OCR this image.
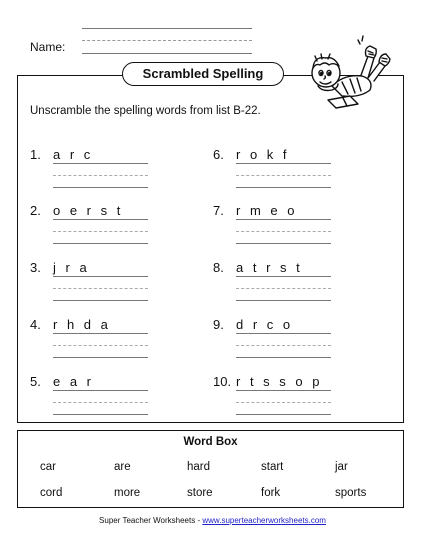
Name:
Scrambled Spelling
Unscramble the spelling words from list B-22.
1. a r c
2. o e r s t
3. j r a
4. r h d a
5. e a r
6. r o k f
7. r m e o
8. a t r s t
9. d r c o
10. r t s s o p
Word Box
car	are	hard	start	jar
cord	more	store	fork	sports
Super Teacher Worksheets - www.superteacherworksheets.com
